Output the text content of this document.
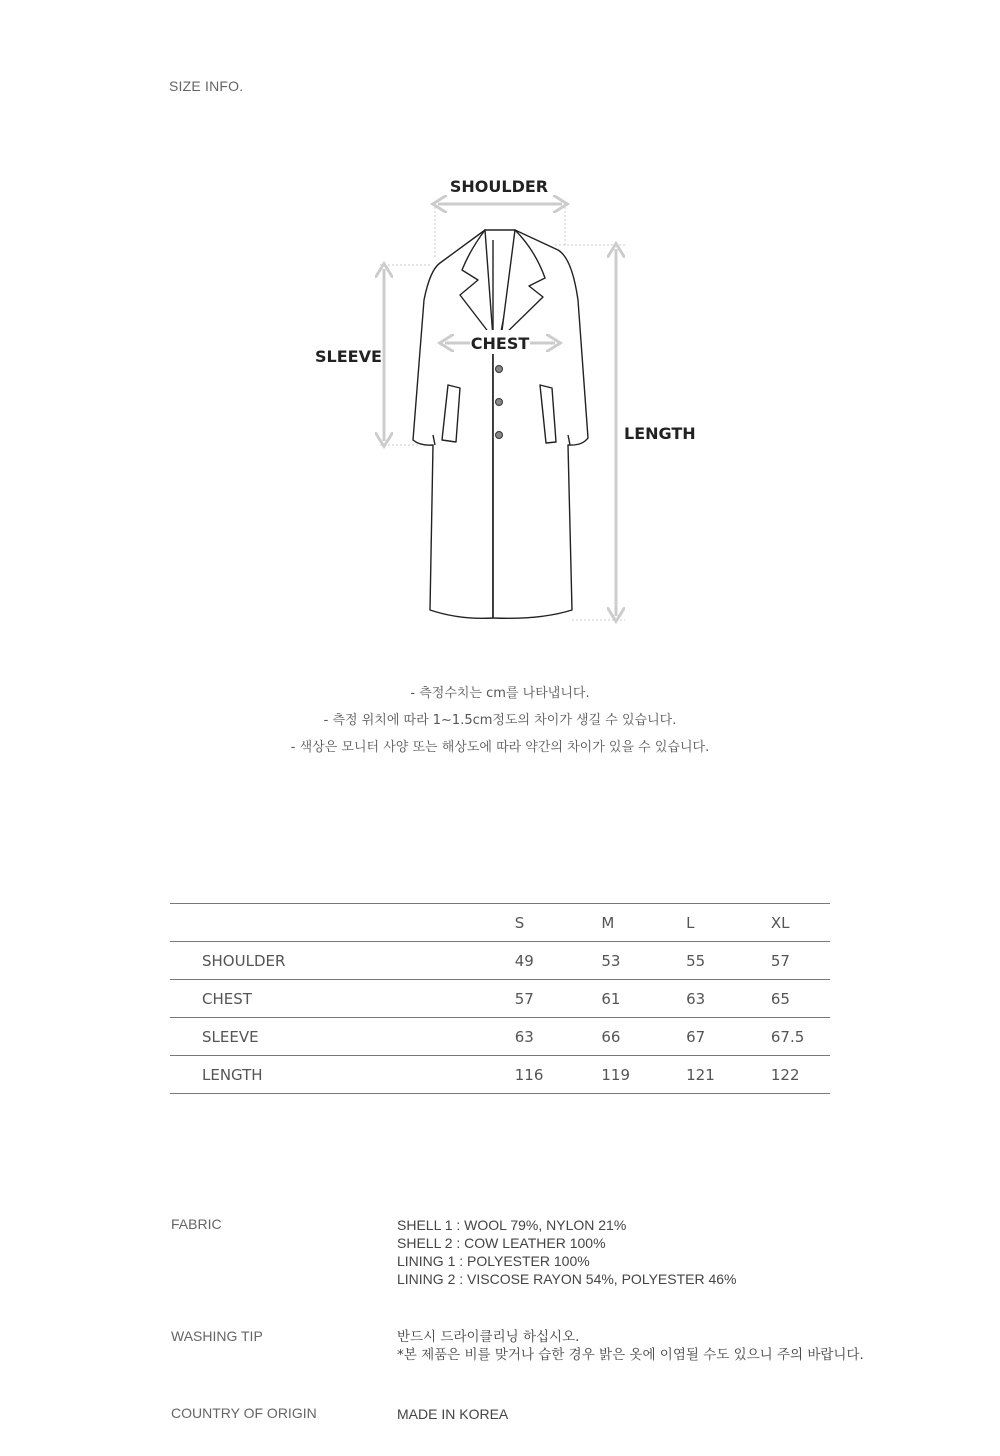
SIZE INFO.
SHOULDER
CHEST
SLEEVE
LENGTH
- 측정수치는 cm를 나타냅니다.
- 측정 위치에 따라 1~1.5cm정도의 차이가 생길 수 있습니다.
- 색상은 모니터 사양 또는 해상도에 따라 약간의 차이가 있을 수 있습니다.
	S	M	L	XL
SHOULDER	49	53	55	57
CHEST	57	61	63	65
SLEEVE	63	66	67	67.5
LENGTH	116	119	121	122
FABRIC	SHELL 1 : WOOL 79%, NYLON 21%
SHELL 2 : COW LEATHER 100%
LINING 1 : POLYESTER 100%
LINING 2 : VISCOSE RAYON 54%, POLYESTER 46%
WASHING TIP	반드시 드라이클리닝 하십시오.
*본 제품은 비를 맞거나 습한 경우 밝은 옷에 이염될 수도 있으니 주의 바랍니다.
COUNTRY OF ORIGIN	MADE IN KOREA
